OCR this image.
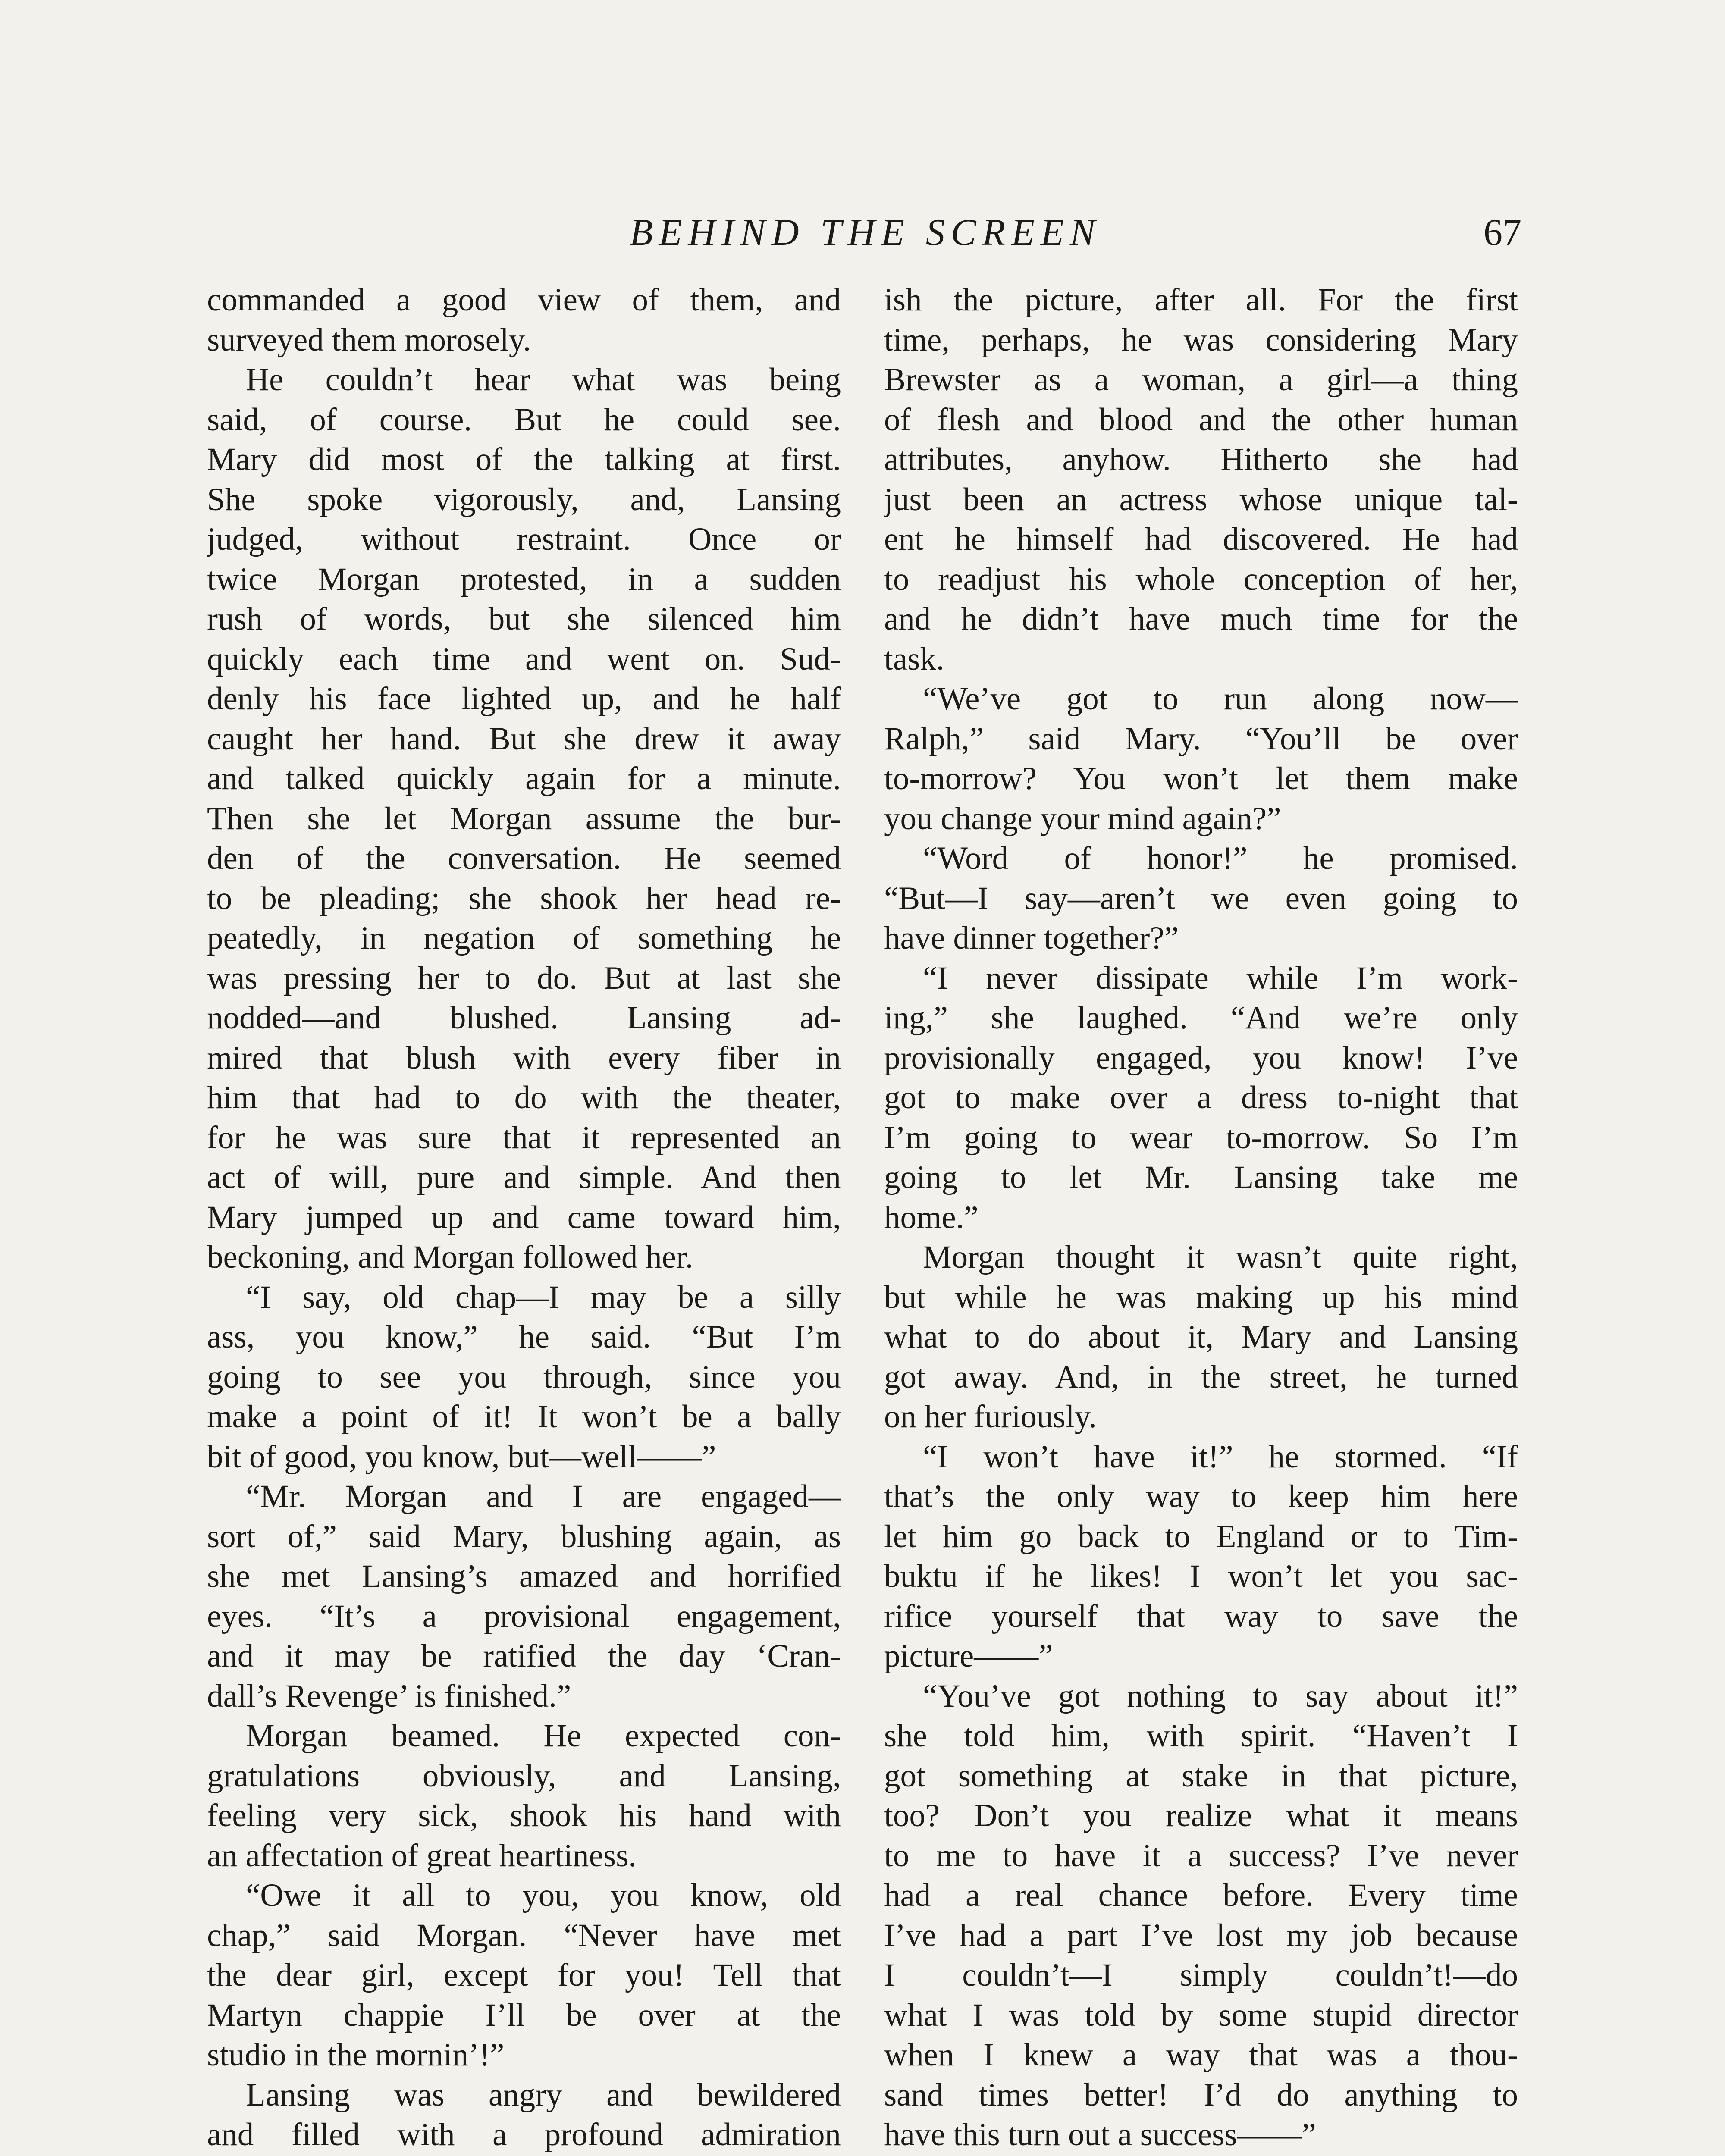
BEHIND THE SCREEN	67
commanded a good view of them, and
surveyed them morosely.
He couldn’t hear what was being
said, of course. But he could see.
Mary did most of the talking at first.
She spoke vigorously, and, Lansing
judged, without restraint. Once or
twice Morgan protested, in a sudden
rush of words, but she silenced him
quickly each time and went on. Sud-
denly his face lighted up, and he half
caught her hand. But she drew it away
and talked quickly again for a minute.
Then she let Morgan assume the bur-
den of the conversation. He seemed
to be pleading; she shook her head re-
peatedly, in negation of something he
was pressing her to do. But at last she
nodded—and blushed. Lansing ad-
mired that blush with every fiber in
him that had to do with the theater,
for he was sure that it represented an
act of will, pure and simple. And then
Mary jumped up and came toward him,
beckoning, and Morgan followed her.
“I say, old chap—I may be a silly
ass, you know,” he said. “But I’m
going to see you through, since you
make a point of it! It won’t be a bally
bit of good, you know, but—well——”
“Mr. Morgan and I are engaged—
sort of,” said Mary, blushing again, as
she met Lansing’s amazed and horrified
eyes. “It’s a provisional engagement,
and it may be ratified the day ‘Cran-
dall’s Revenge’ is finished.”
Morgan beamed. He expected con-
gratulations obviously, and Lansing,
feeling very sick, shook his hand with
an affectation of great heartiness.
“Owe it all to you, you know, old
chap,” said Morgan. “Never have met
the dear girl, except for you! Tell that
Martyn chappie I’ll be over at the
studio in the mornin’!”
Lansing was angry and bewildered
and filled with a profound admiration
ish the picture, after all. For the first
time, perhaps, he was considering Mary
Brewster as a woman, a girl—a thing
of flesh and blood and the other human
attributes, anyhow. Hitherto she had
just been an actress whose unique tal-
ent he himself had discovered. He had
to readjust his whole conception of her,
and he didn’t have much time for the
task.
“We’ve got to run along now—
Ralph,” said Mary. “You’ll be over
to-morrow? You won’t let them make
you change your mind again?”
“Word of honor!” he promised.
“But—I say—aren’t we even going to
have dinner together?”
“I never dissipate while I’m work-
ing,” she laughed. “And we’re only
provisionally engaged, you know! I’ve
got to make over a dress to-night that
I’m going to wear to-morrow. So I’m
going to let Mr. Lansing take me
home.”
Morgan thought it wasn’t quite right,
but while he was making up his mind
what to do about it, Mary and Lansing
got away. And, in the street, he turned
on her furiously.
“I won’t have it!” he stormed. “If
that’s the only way to keep him here
let him go back to England or to Tim-
buktu if he likes! I won’t let you sac-
rifice yourself that way to save the
picture——”
“You’ve got nothing to say about it!”
she told him, with spirit. “Haven’t I
got something at stake in that picture,
too? Don’t you realize what it means
to me to have it a success? I’ve never
had a real chance before. Every time
I’ve had a part I’ve lost my job because
I couldn’t—I simply couldn’t!—do
what I was told by some stupid director
when I knew a way that was a thou-
sand times better! I’d do anything to
have this turn out a success——”
